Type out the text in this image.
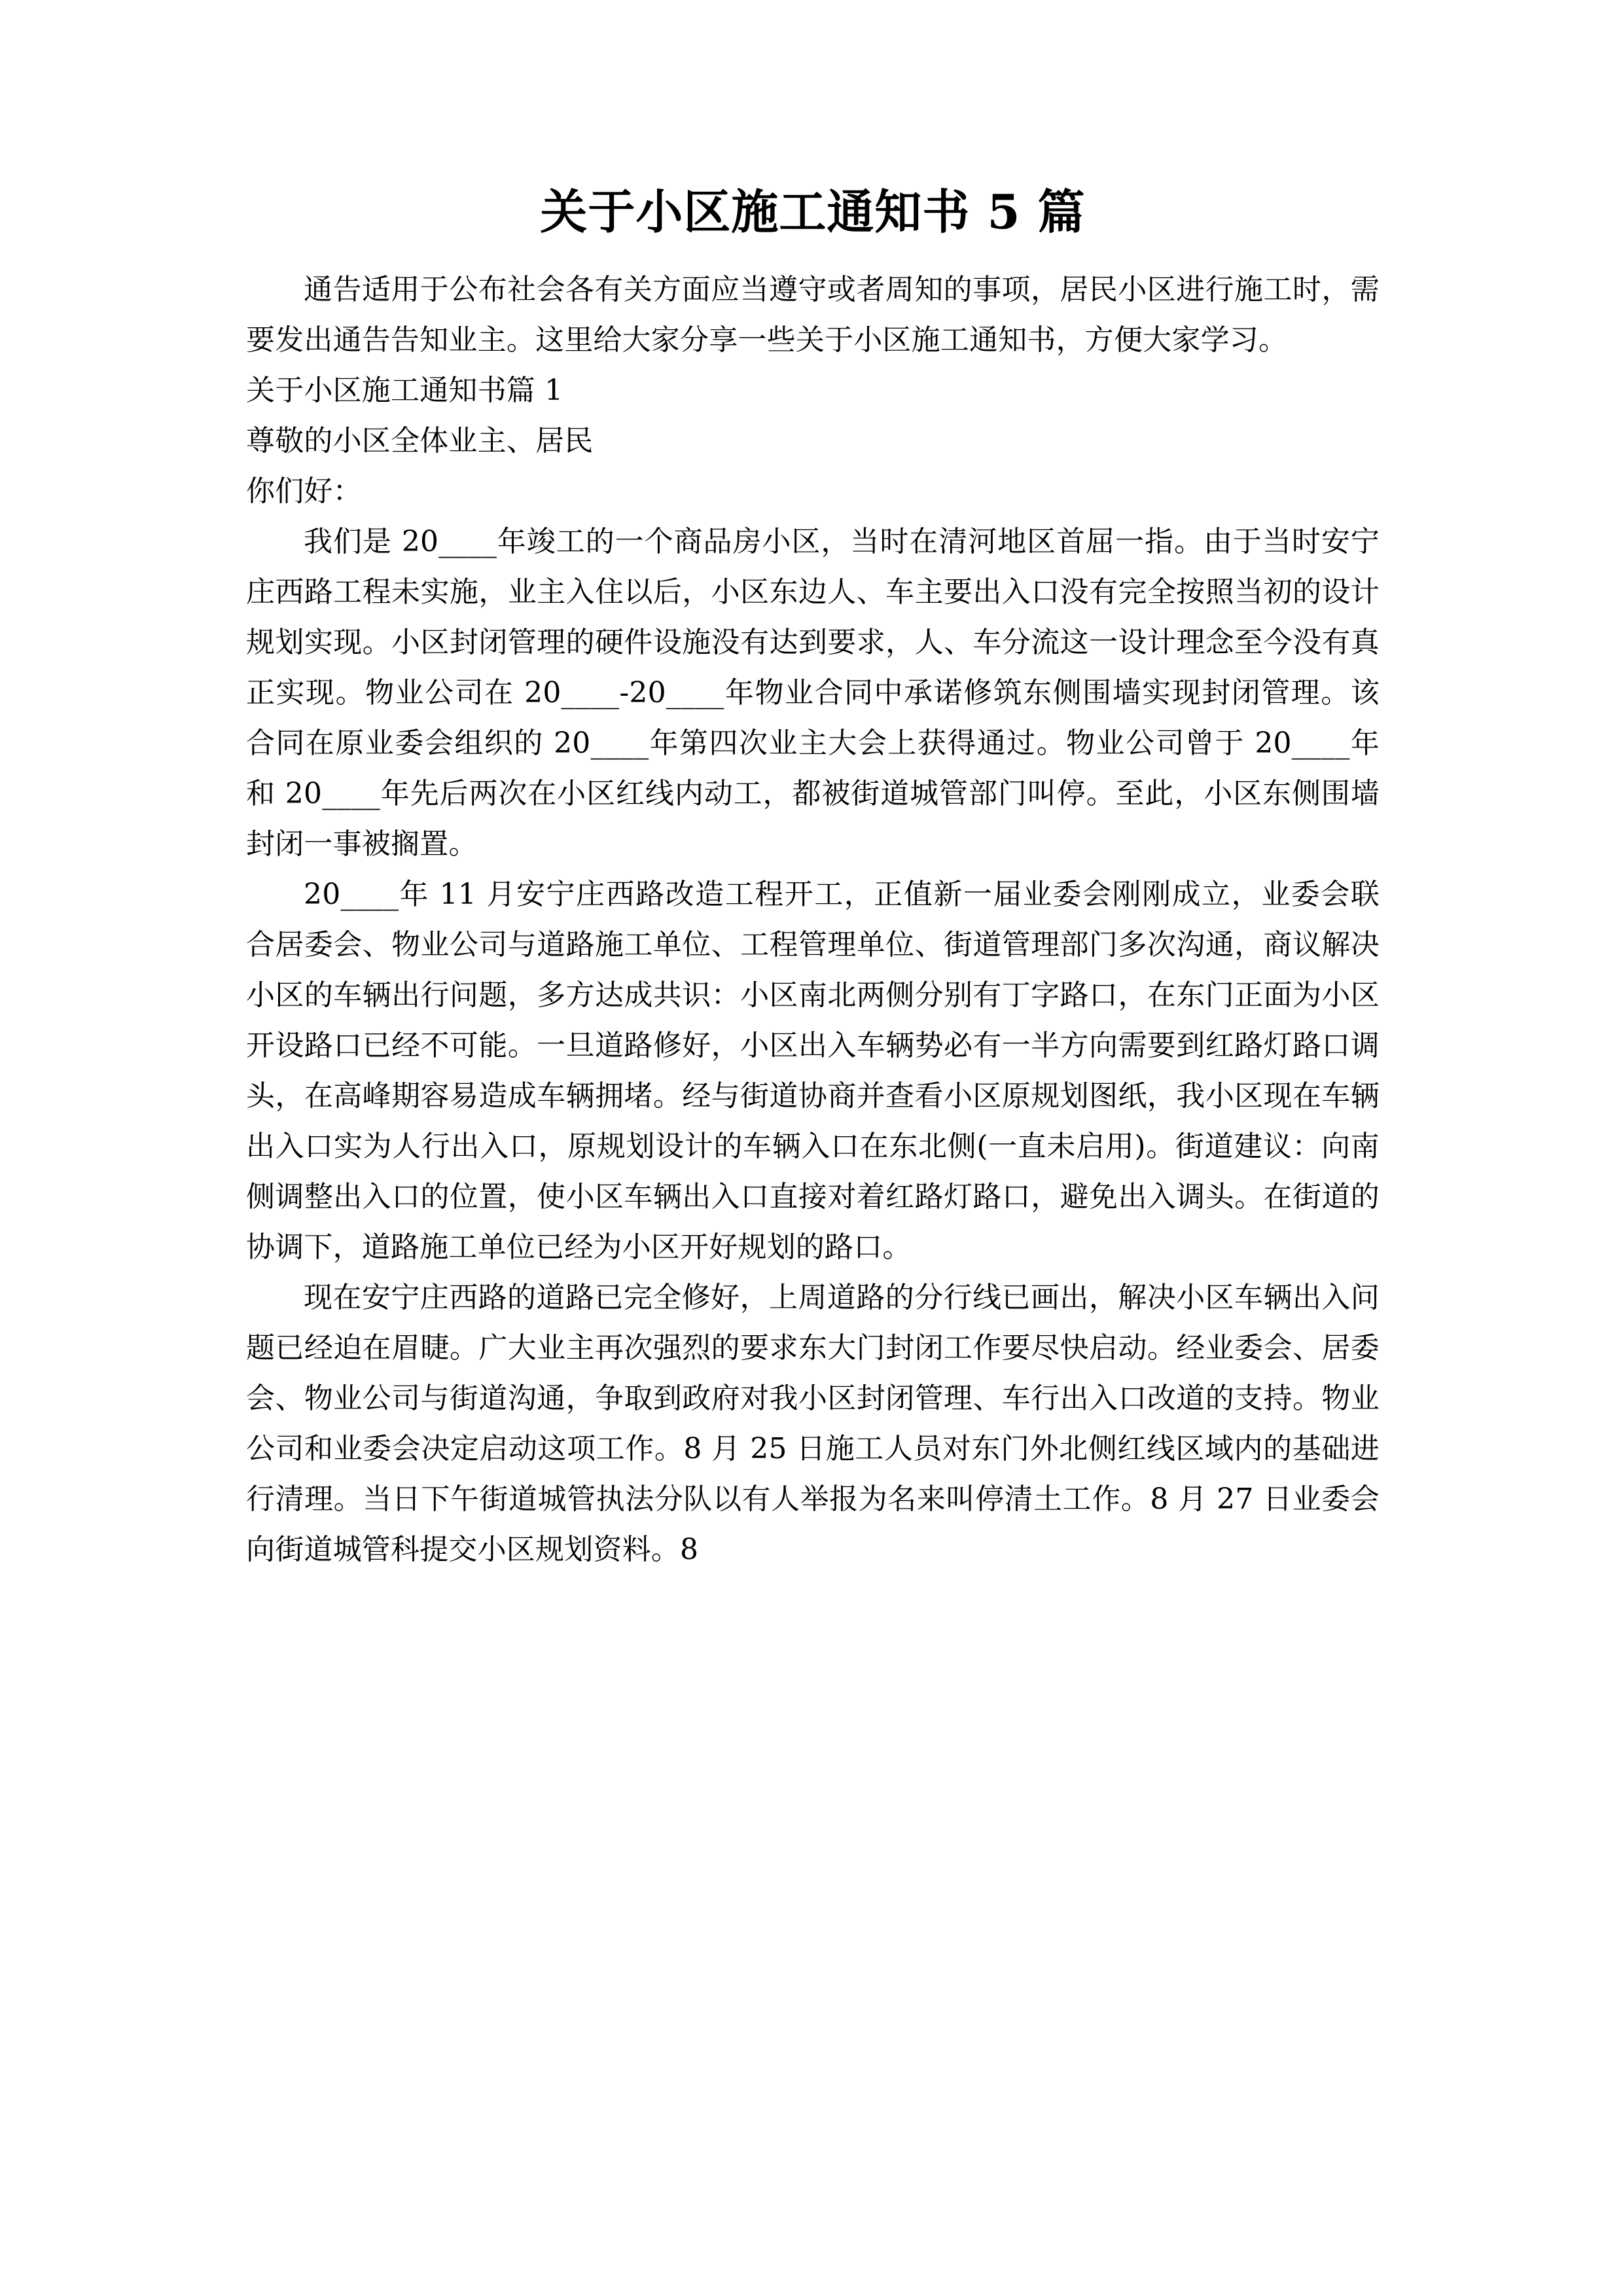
关于小区施工通知书 5 篇

通告适用于公布社会各有关方面应当遵守或者周知的事项，居民小区进行施工时，需要发出通告告知业主。这里给大家分享一些关于小区施工通知书，方便大家学习。

关于小区施工通知书篇 1

尊敬的小区全体业主、居民

你们好：

我们是 20____年竣工的一个商品房小区，当时在清河地区首屈一指。由于当时安宁庄西路工程未实施，业主入住以后，小区东边人、车主要出入口没有完全按照当初的设计规划实现。小区封闭管理的硬件设施没有达到要求，人、车分流这一设计理念至今没有真正实现。物业公司在 20____-20____年物业合同中承诺修筑东侧围墙实现封闭管理。该合同在原业委会组织的 20____年第四次业主大会上获得通过。物业公司曾于 20____年和 20____年先后两次在小区红线内动工，都被街道城管部门叫停。至此，小区东侧围墙封闭一事被搁置。

20____年 11 月安宁庄西路改造工程开工，正值新一届业委会刚刚成立，业委会联合居委会、物业公司与道路施工单位、工程管理单位、街道管理部门多次沟通，商议解决小区的车辆出行问题，多方达成共识：小区南北两侧分别有丁字路口，在东门正面为小区开设路口已经不可能。一旦道路修好，小区出入车辆势必有一半方向需要到红路灯路口调头，在高峰期容易造成车辆拥堵。经与街道协商并查看小区原规划图纸，我小区现在车辆出入口实为人行出入口，原规划设计的车辆入口在东北侧(一直未启用)。街道建议：向南侧调整出入口的位置，使小区车辆出入口直接对着红路灯路口，避免出入调头。在街道的协调下，道路施工单位已经为小区开好规划的路口。

现在安宁庄西路的道路已完全修好，上周道路的分行线已画出，解决小区车辆出入问题已经迫在眉睫。广大业主再次强烈的要求东大门封闭工作要尽快启动。经业委会、居委会、物业公司与街道沟通，争取到政府对我小区封闭管理、车行出入口改道的支持。物业公司和业委会决定启动这项工作。8 月 25 日施工人员对东门外北侧红线区域内的基础进行清理。当日下午街道城管执法分队以有人举报为名来叫停清土工作。8 月 27 日业委会向街道城管科提交小区规划资料。8
